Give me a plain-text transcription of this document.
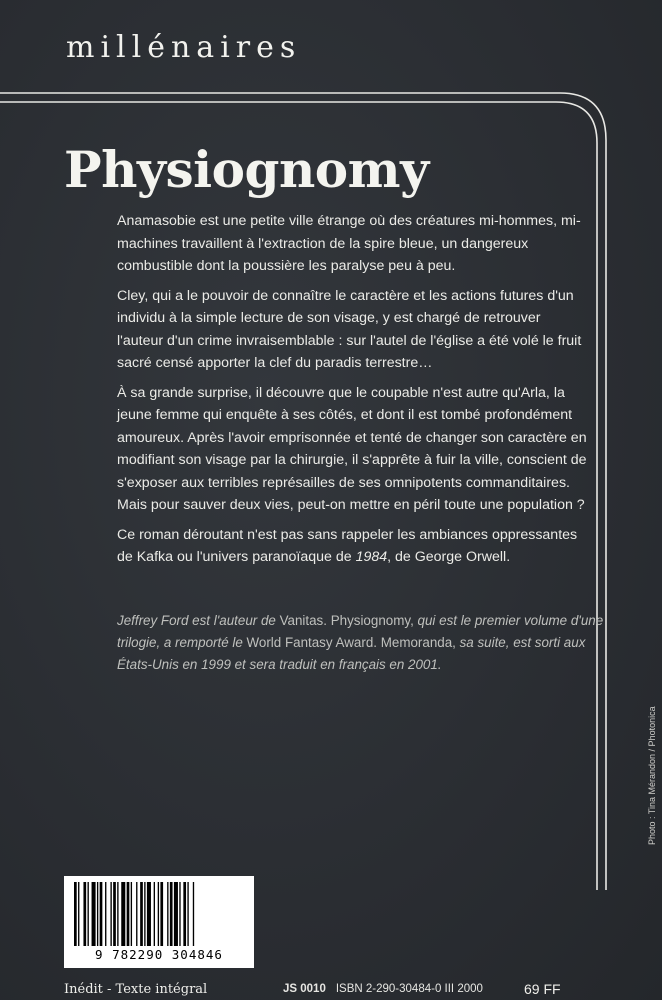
millénaires
Physiognomy

Anamasobie est une petite ville étrange où des créatures mi-hommes, mi-machines travaillent à l'extraction de la spire bleue, un dangereux combustible dont la poussière les paralyse peu à peu.

Cley, qui a le pouvoir de connaître le caractère et les actions futures d'un individu à la simple lecture de son visage, y est chargé de retrouver l'auteur d'un crime invraisemblable : sur l'autel de l'église a été volé le fruit sacré censé apporter la clef du paradis terrestre…

À sa grande surprise, il découvre que le coupable n'est autre qu'Arla, la jeune femme qui enquête à ses côtés, et dont il est tombé profondément amoureux. Après l'avoir emprisonnée et tenté de changer son caractère en modifiant son visage par la chirurgie, il s'apprête à fuir la ville, conscient de s'exposer aux terribles représailles de ses omnipotents commanditaires. Mais pour sauver deux vies, peut-on mettre en péril toute une population ?

Ce roman déroutant n'est pas sans rappeler les ambiances oppressantes de Kafka ou l'univers paranoïaque de 1984, de George Orwell.

Jeffrey Ford est l'auteur de Vanitas. Physiognomy, qui est le premier volume d'une trilogie, a remporté le World Fantasy Award. Memoranda, sa suite, est sorti aux États-Unis en 1999 et sera traduit en français en 2001.
Photo : Tina Mérandon / Photonica
9 782290 304846
Inédit - Texte intégral	JS 0010 ISBN 2-290-30484-0 III 2000	69 FF
